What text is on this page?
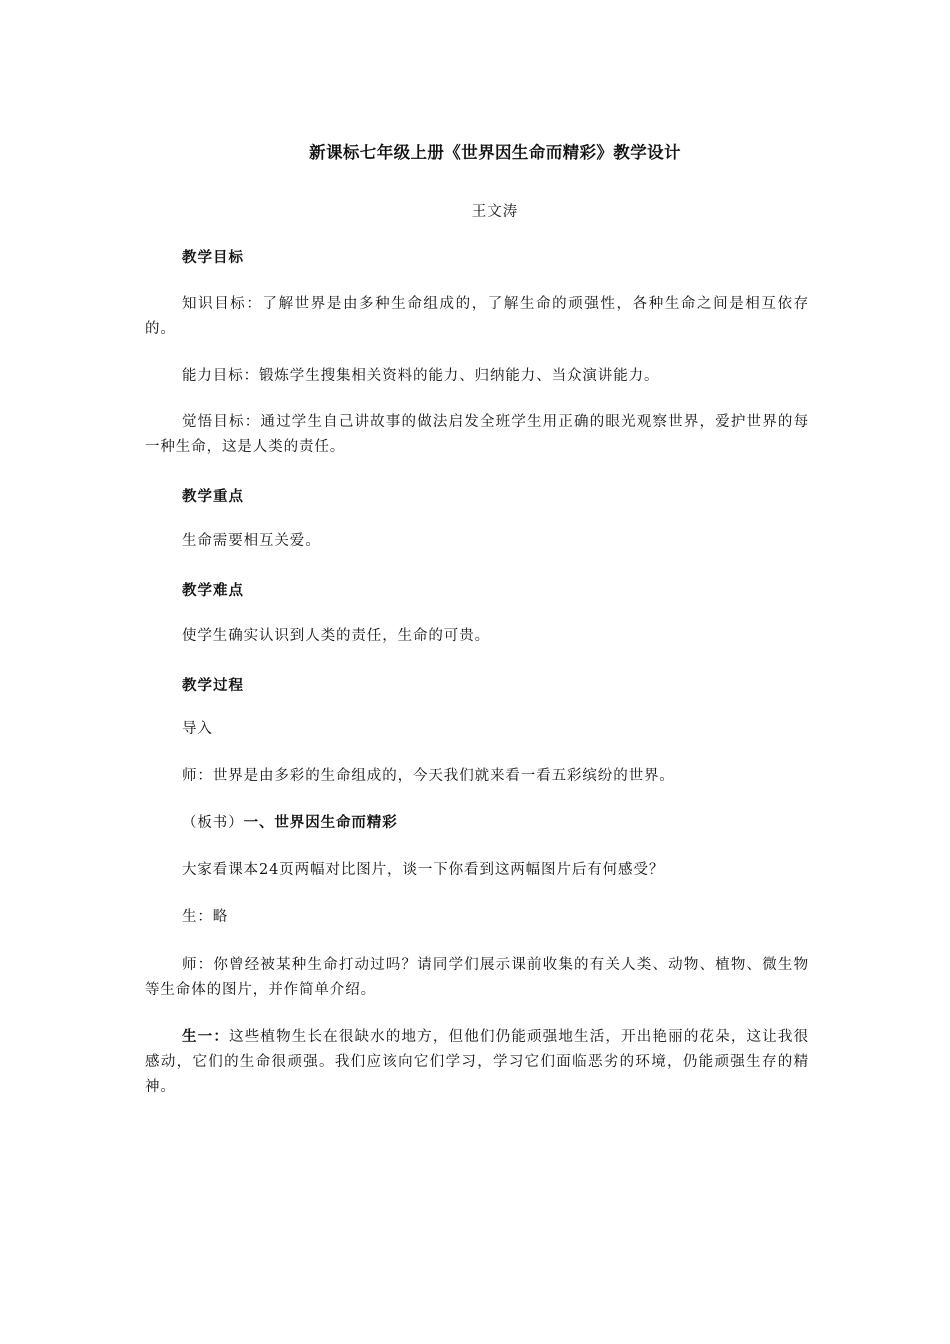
新课标七年级上册《世界因生命而精彩》教学设计
王文涛
教学目标
知识目标：了解世界是由多种生命组成的，了解生命的顽强性，各种生命之间是相互依存的。
能力目标：锻炼学生搜集相关资料的能力、归纳能力、当众演讲能力。
觉悟目标：通过学生自己讲故事的做法启发全班学生用正确的眼光观察世界，爱护世界的每一种生命，这是人类的责任。
教学重点
生命需要相互关爱。
教学难点
使学生确实认识到人类的责任，生命的可贵。
教学过程
导入
师：世界是由多彩的生命组成的，今天我们就来看一看五彩缤纷的世界。
（板书）一、世界因生命而精彩
大家看课本24页两幅对比图片，谈一下你看到这两幅图片后有何感受？
生：略
师：你曾经被某种生命打动过吗？请同学们展示课前收集的有关人类、动物、植物、微生物等生命体的图片，并作简单介绍。
生一：这些植物生长在很缺水的地方，但他们仍能顽强地生活，开出艳丽的花朵，这让我很感动，它们的生命很顽强。我们应该向它们学习，学习它们面临恶劣的环境，仍能顽强生存的精神。
